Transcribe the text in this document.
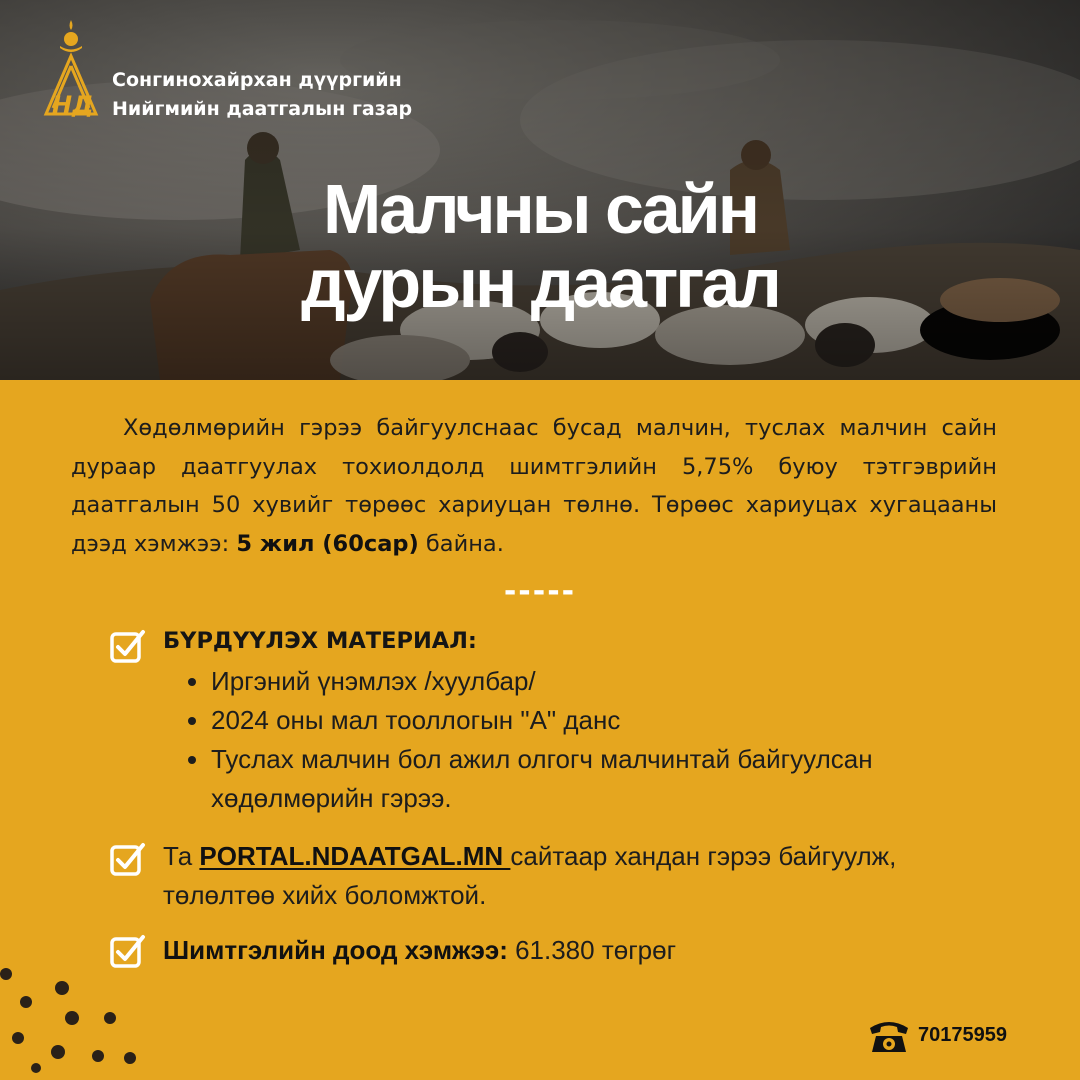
НД
Сонгинохайрхан дүүргийн
Нийгмийн даатгалын газар
Малчны сайн
дурын даатгал
Хөдөлмөрийн гэрээ байгуулснаас бусад малчин, туслах малчин сайн дураар даатгуулах тохиолдолд шимтгэлийн 5,75% буюу тэтгэврийн даатгалын 50 хувийг төрөөс хариуцан төлнө. Төрөөс хариуцах хугацааны дээд хэмжээ: 5 жил (60сар) байна.
-----
БҮРДҮҮЛЭХ МАТЕРИАЛ:
• Иргэний үнэмлэх /хуулбар/
• 2024 оны мал тооллогын "А" данс
• Туслах малчин бол ажил олгогч малчинтай байгуулсан хөдөлмөрийн гэрээ.
Та PORTAL.NDAATGAL.MN сайтаар хандан гэрээ байгуулж,
төлөлтөө хийх боломжтой.
Шимтгэлийн доод хэмжээ: 61.380 төгрөг
70175959
